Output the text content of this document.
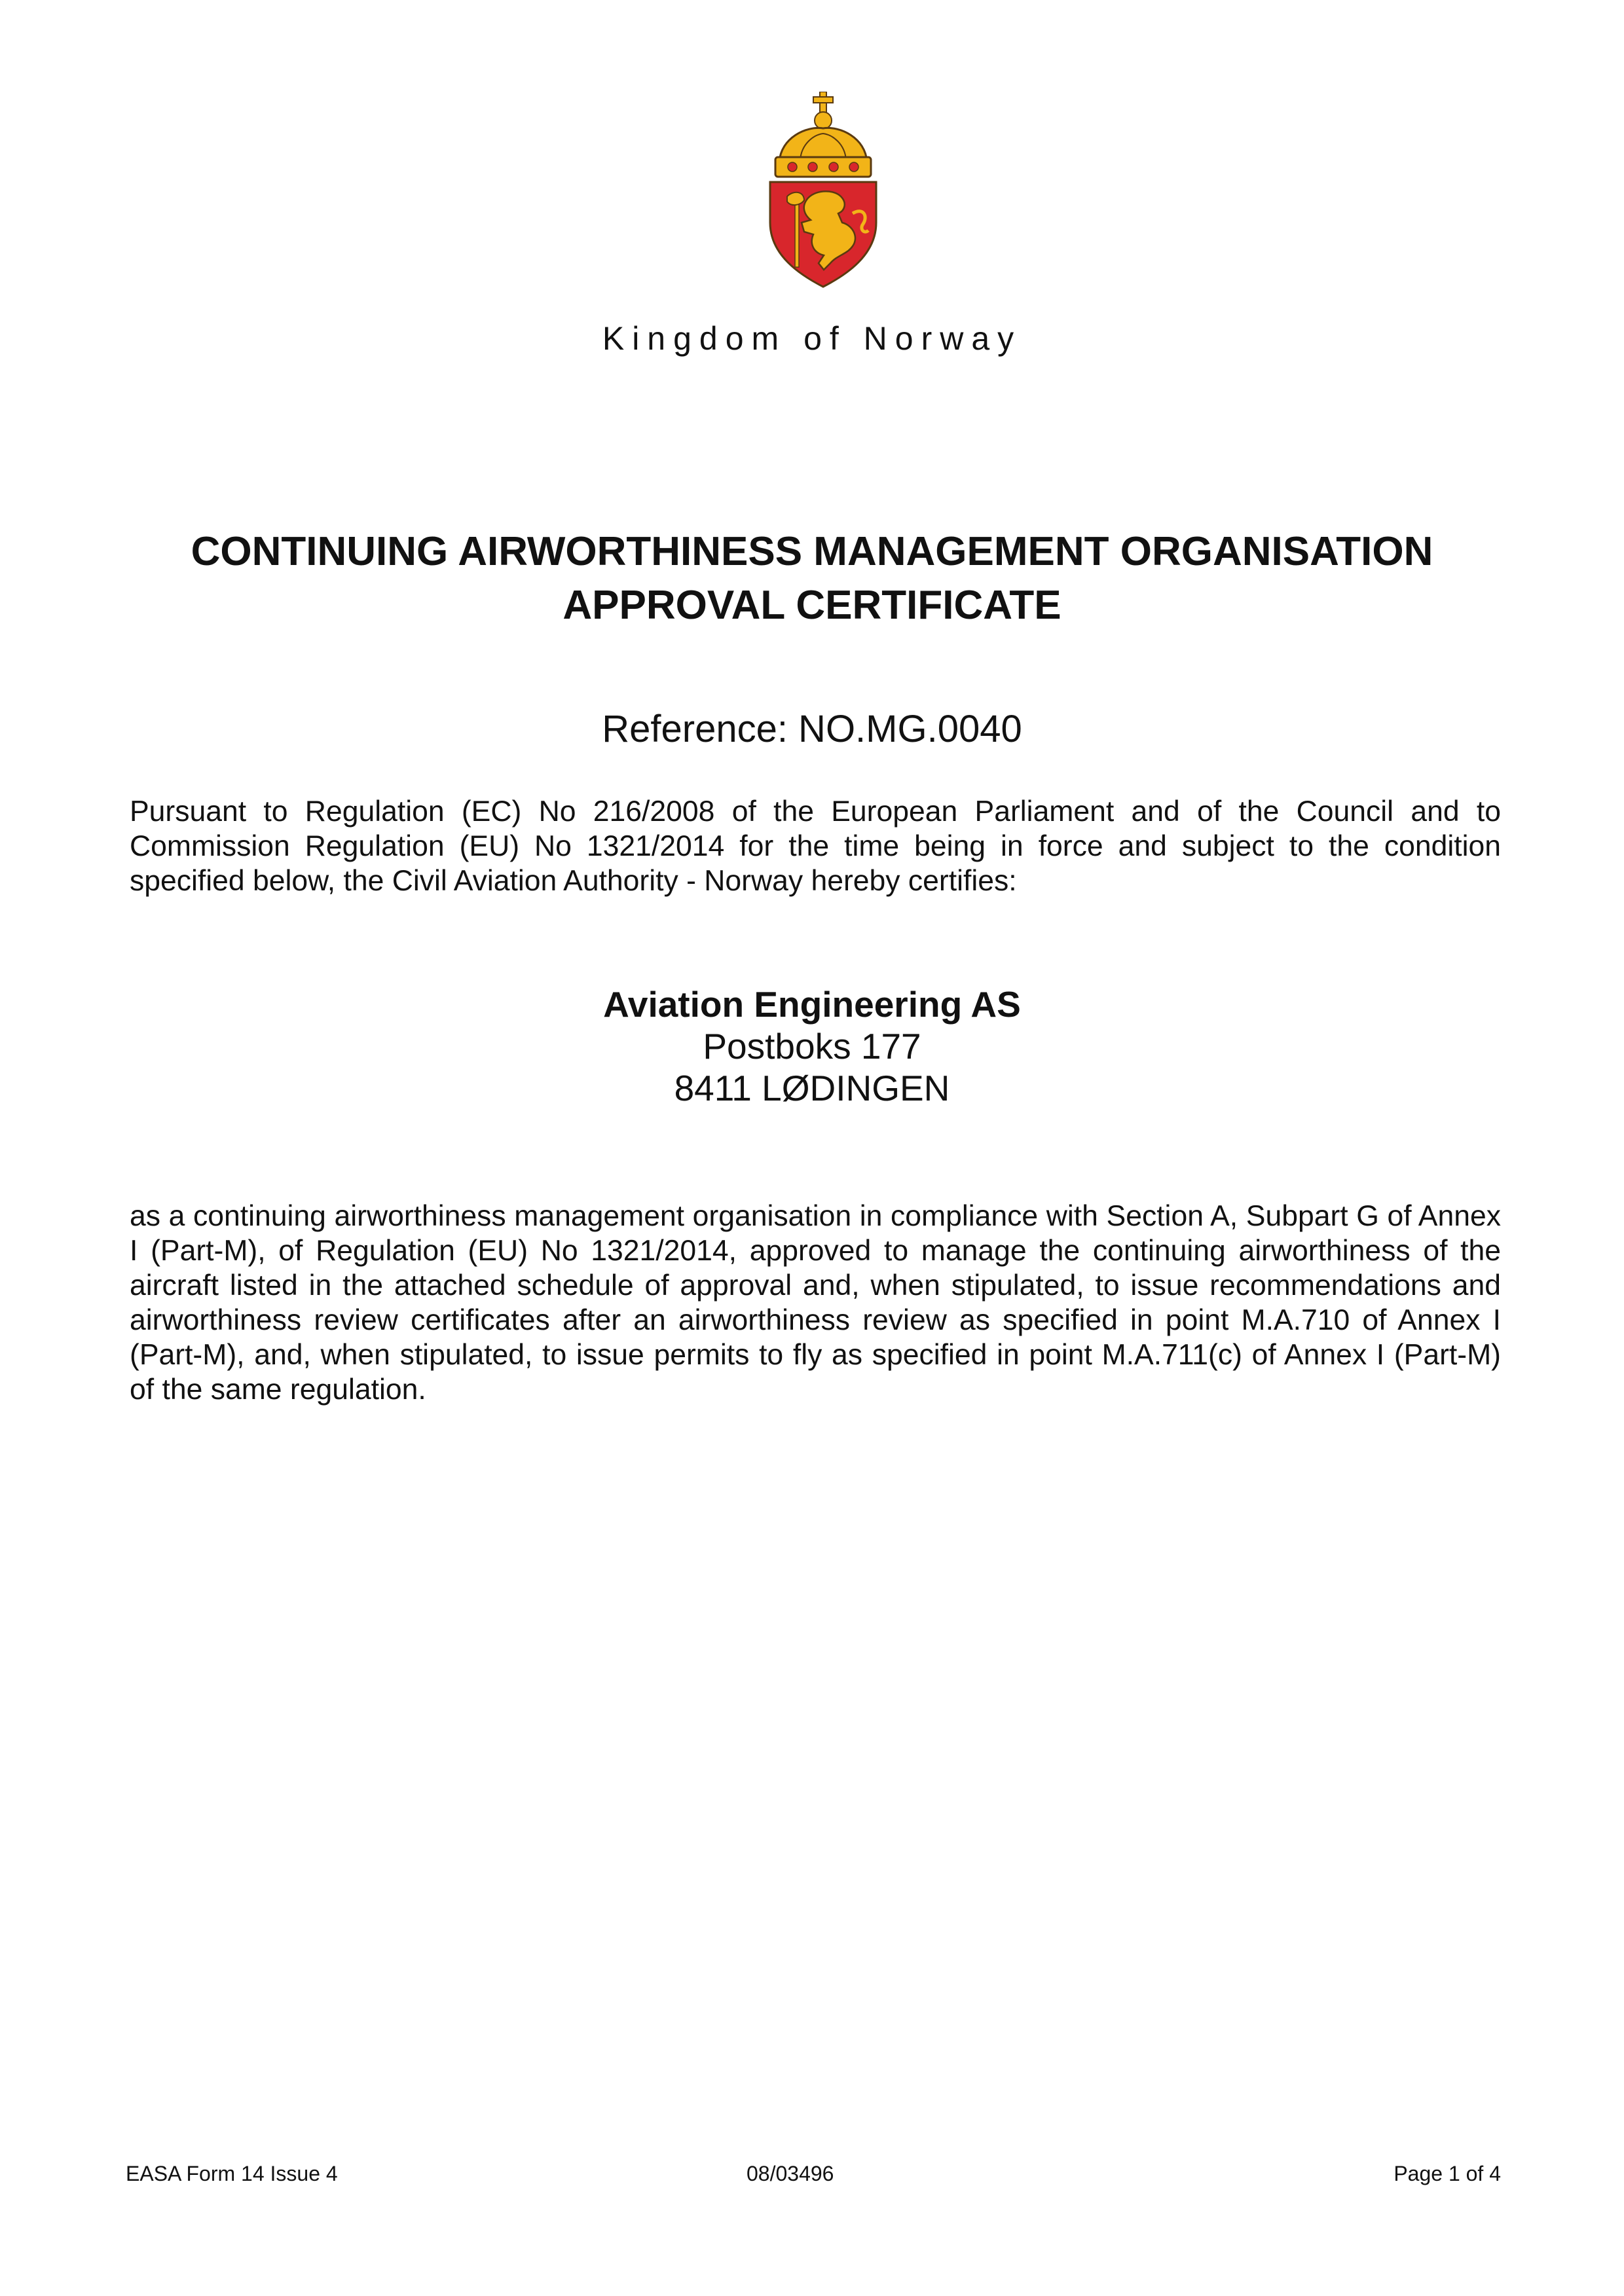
Kingdom of Norway
CONTINUING AIRWORTHINESS MANAGEMENT ORGANISATION
APPROVAL CERTIFICATE
Reference: NO.MG.0040
Pursuant to Regulation (EC) No 216/2008 of the European Parliament and of the Council and to Commission Regulation (EU) No 1321/2014 for the time being in force and subject to the condition specified below, the Civil Aviation Authority - Norway hereby certifies:
Aviation Engineering AS
Postboks 177
8411 LØDINGEN
as a continuing airworthiness management organisation in compliance with Section A, Subpart G of Annex I (Part-M), of Regulation (EU) No 1321/2014, approved to manage the continuing airworthiness of the aircraft listed in the attached schedule of approval and, when stipulated, to issue recommendations and airworthiness review certificates after an airworthiness review as specified in point M.A.710 of Annex I (Part-M), and, when stipulated, to issue permits to fly as specified in point M.A.711(c) of Annex I (Part-M) of the same regulation.
EASA Form 14 Issue 4	08/03496	Page 1 of 4
